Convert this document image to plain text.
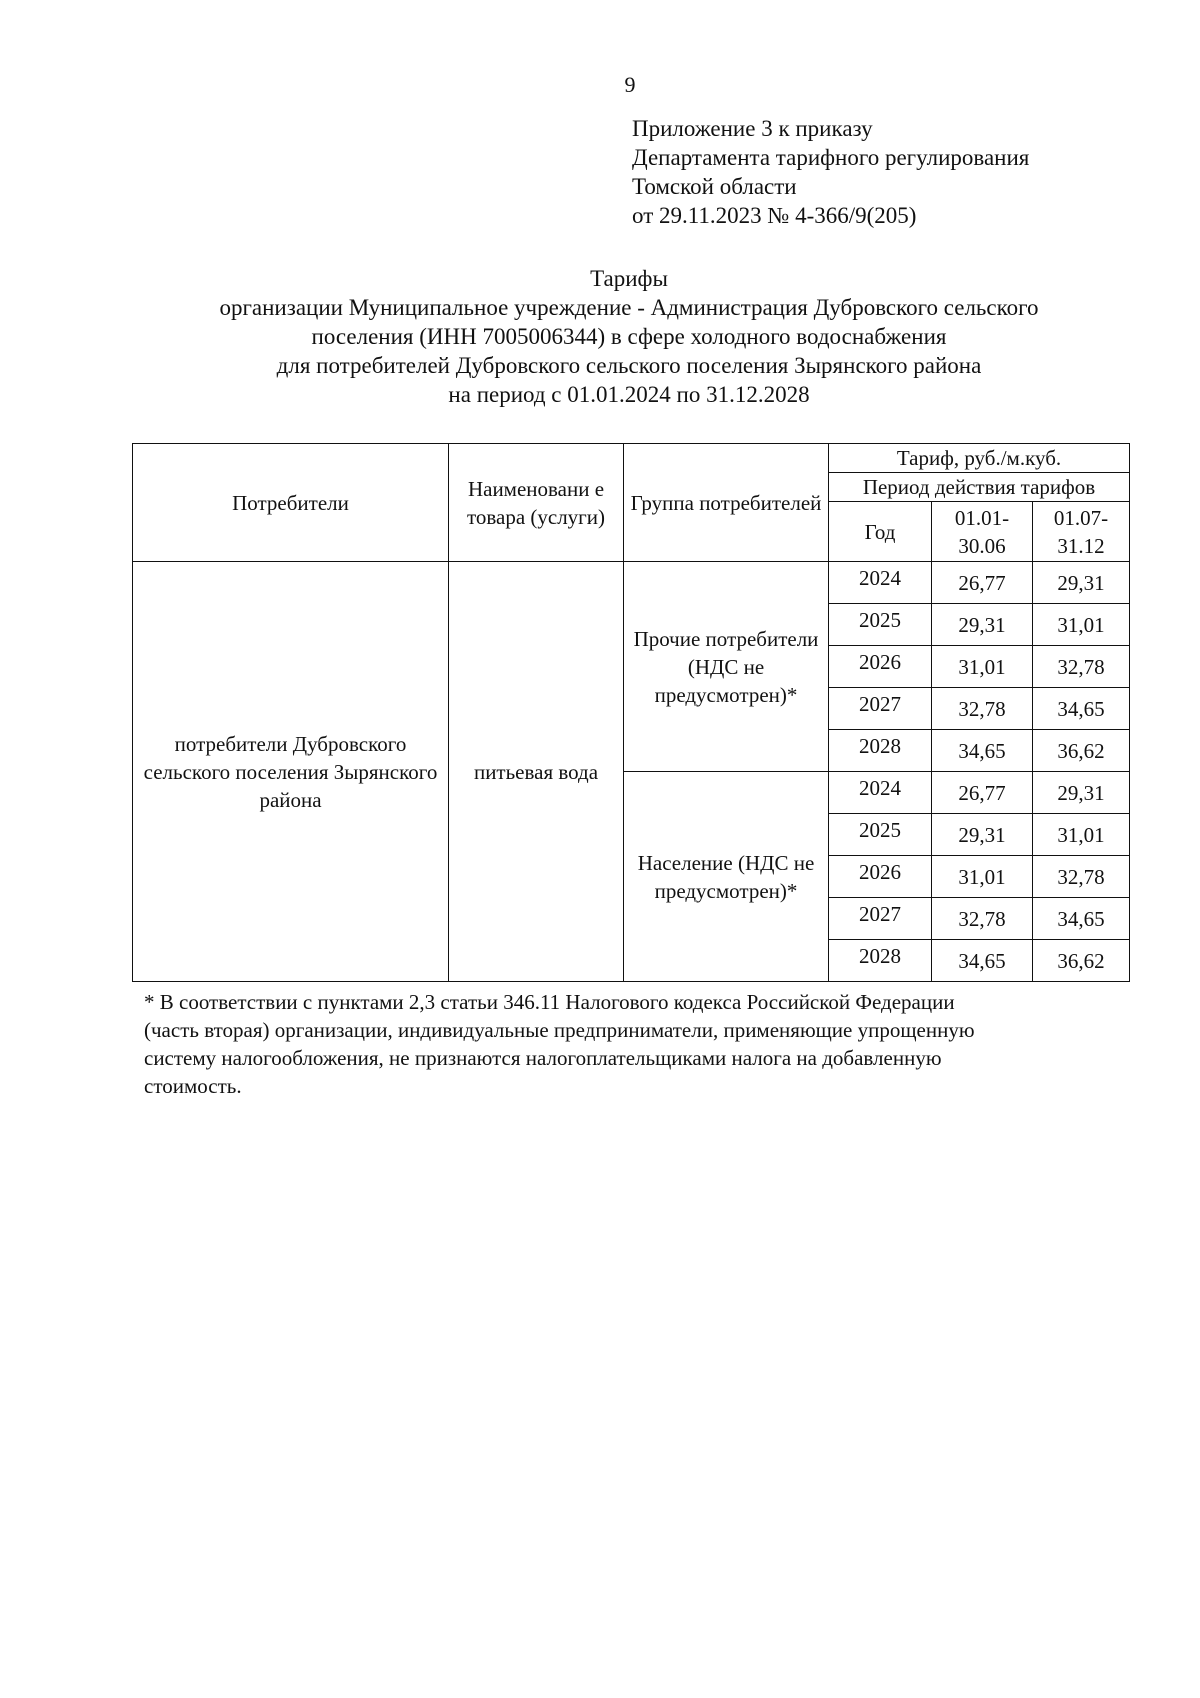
9
Приложение 3 к приказу
Департамента тарифного регулирования
Томской области
от 29.11.2023 № 4-366/9(205)
Тарифы
организации Муниципальное учреждение - Администрация Дубровского сельского
поселения (ИНН 7005006344) в сфере холодного водоснабжения
для потребителей Дубровского сельского поселения Зырянского района
на период с 01.01.2024 по 31.12.2028
Потребители	Наименовани е товара (услуги)	Группа потребителей	Тариф, руб./м.куб.		
			Период действия тарифов		
			Год	01.01- 30.06	01.07- 31.12
потребители Дубровского сельского поселения Зырянского района	питьевая вода	Прочие потребители (НДС не предусмотрен)*	2024	26,77	29,31
			2025	29,31	31,01
			2026	31,01	32,78
			2027	32,78	34,65
			2028	34,65	36,62
		Население (НДС не предусмотрен)*	2024	26,77	29,31
			2025	29,31	31,01
			2026	31,01	32,78
			2027	32,78	34,65
			2028	34,65	36,62
* В соответствии с пунктами 2,3 статьи 346.11 Налогового кодекса Российской Федерации
(часть вторая) организации, индивидуальные предприниматели, применяющие упрощенную
систему налогообложения, не признаются налогоплательщиками налога на добавленную
стоимость.
